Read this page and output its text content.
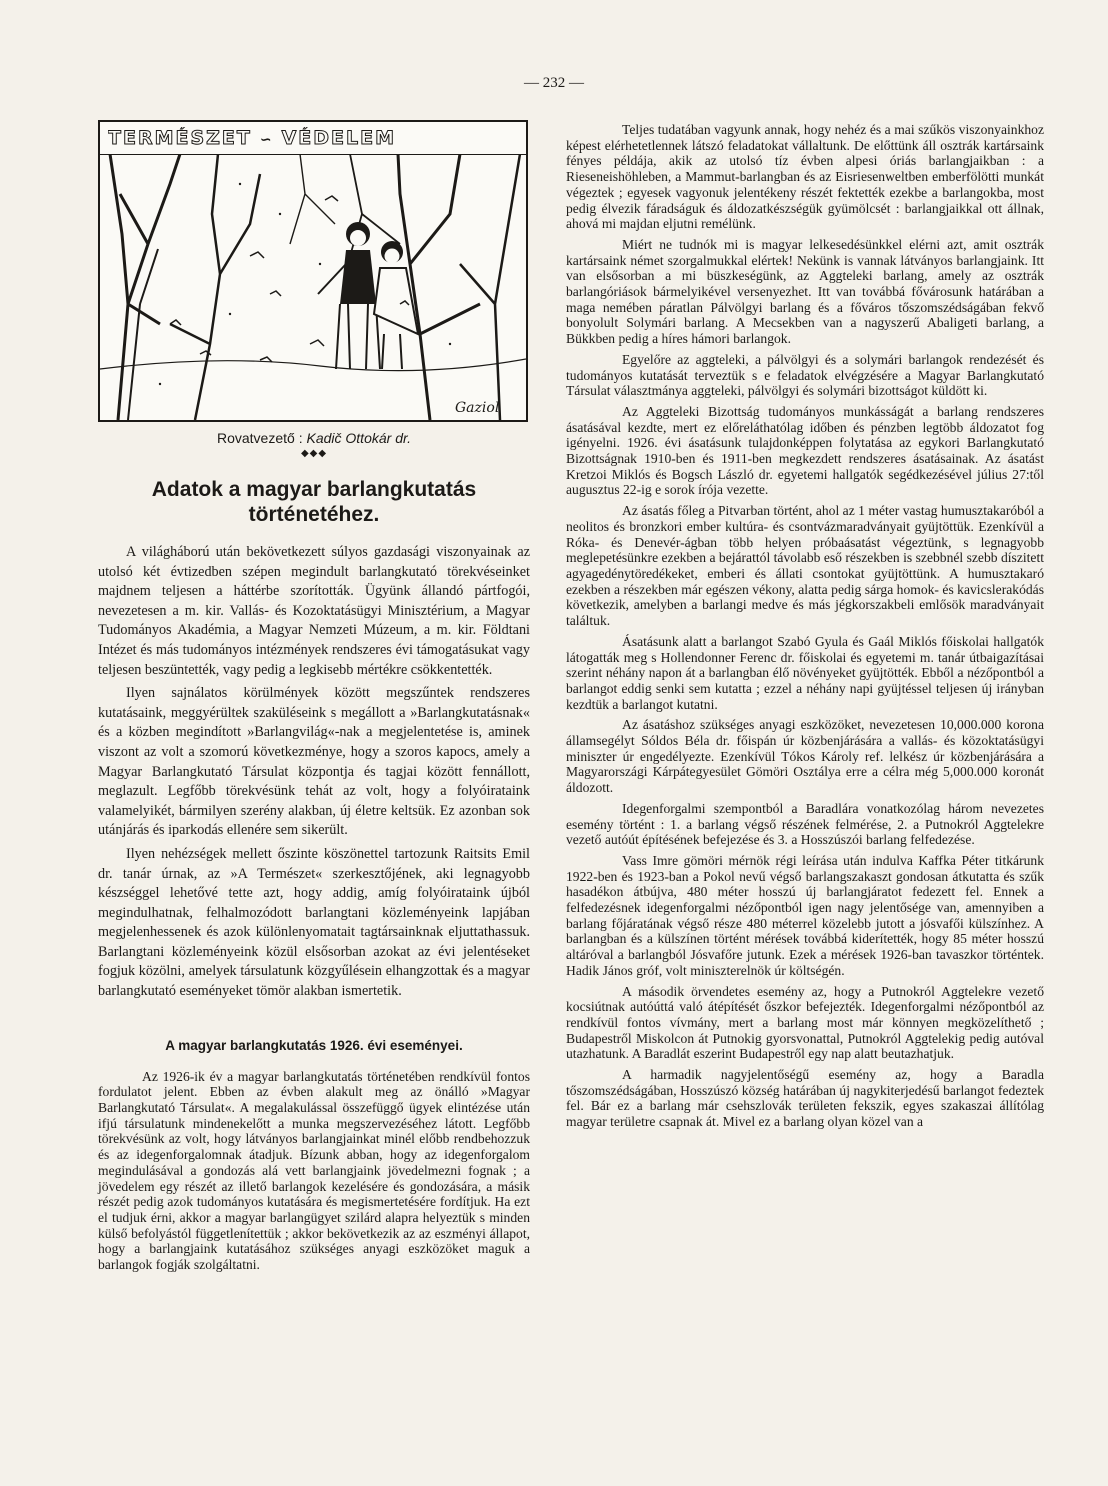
— 232 —
TERMÉSZET ∽ VÉDELEM
Gaziol
Rovatvezető : Kadič Ottokár dr.
◆◆◆
Adatok a magyar barlangkutatás történetéhez.

A világháború után bekövetkezett súlyos gazdasági viszonyainak az utolsó két évtizedben szépen megindult barlangkutató törekvéseinket majdnem teljesen a háttérbe szorították. Ügyünk állandó pártfogói, nevezetesen a m. kir. Vallás- és Kozoktatásügyi Minisztérium, a Magyar Tudományos Akadémia, a Magyar Nemzeti Múzeum, a m. kir. Földtani Intézet és más tudományos intézmények rendszeres évi támogatásukat vagy teljesen beszüntették, vagy pedig a legkisebb mértékre csökkentették.

Ilyen sajnálatos körülmények között megszűntek rendszeres kutatásaink, meggyérültek szaküléseink s megállott a »Barlangkutatásnak« és a közben megindított »Barlangvilág«-nak a megjelentetése is, aminek viszont az volt a szomorú következménye, hogy a szoros kapocs, amely a Magyar Barlangkutató Társulat központja és tagjai között fennállott, meglazult. Legfőbb törekvésünk tehát az volt, hogy a folyóirataink valamelyikét, bármilyen szerény alakban, új életre keltsük. Ez azonban sok utánjárás és iparkodás ellenére sem sikerült.

Ilyen nehézségek mellett őszinte köszönettel tartozunk Raitsits Emil dr. tanár úrnak, az »A Természet« szerkesztőjének, aki legnagyobb készséggel lehetővé tette azt, hogy addig, amíg folyóirataink újból megindulhatnak, felhalmozódott barlangtani közleményeink lapjában megjelenhessenek és azok különlenyomatait tagtársainknak eljuttathassuk. Barlangtani közleményeink közül elsősorban azokat az évi jelentéseket fogjuk közölni, amelyek társulatunk közgyűlésein elhangzottak és a magyar barlangkutató eseményeket tömör alakban ismertetik.

A magyar barlangkutatás 1926. évi eseményei.

Az 1926-ik év a magyar barlangkutatás történetében rendkívül fontos fordulatot jelent. Ebben az évben alakult meg az önálló »Magyar Barlangkutató Társulat«. A megalakulással összefüggő ügyek elintézése után ifjú társulatunk mindenekelőtt a munka megszervezéséhez látott. Legfőbb törekvésünk az volt, hogy látványos barlangjainkat minél előbb rendbehozzuk és az idegenforgalomnak átadjuk. Bízunk abban, hogy az idegenforgalom megindulásával a gondozás alá vett barlangjaink jövedelmezni fognak ; a jövedelem egy részét az illető barlangok kezelésére és gondozására, a másik részét pedig azok tudományos kutatására és megismertetésére fordítjuk. Ha ezt el tudjuk érni, akkor a magyar barlangügyet szilárd alapra helyeztük s minden külső befolyástól függetlenítettük ; akkor bekövetkezik az az eszményi állapot, hogy a barlangjaink kutatásához szükséges anyagi eszközöket maguk a barlangok fogják szolgáltatni.

Teljes tudatában vagyunk annak, hogy nehéz és a mai szűkös viszonyainkhoz képest elérhetetlennek látszó feladatokat vállaltunk. De előttünk áll osztrák kartársaink fényes példája, akik az utolsó tíz évben alpesi óriás barlangjaikban : a Rieseneishöhleben, a Mammut-barlangban és az Eisriesenweltben emberfölötti munkát végeztek ; egyesek vagyonuk jelentékeny részét fektették ezekbe a barlangokba, most pedig élvezik fáradságuk és áldozatkészségük gyümölcsét : barlangjaikkal ott állnak, ahová mi majdan eljutni remélünk.

Miért ne tudnók mi is magyar lelkesedésünkkel elérni azt, amit osztrák kartársaink német szorgalmukkal elértek! Nekünk is vannak látványos barlangjaink. Itt van elsősorban a mi büszkeségünk, az Aggteleki barlang, amely az osztrák barlangóriások bármelyikével versenyezhet. Itt van továbbá fővárosunk határában a maga nemében páratlan Pálvölgyi barlang és a főváros tőszomszédságában fekvő bonyolult Solymári barlang. A Mecsekben van a nagyszerű Abaligeti barlang, a Bükkben pedig a híres hámori barlangok.

Egyelőre az aggteleki, a pálvölgyi és a solymári barlangok rendezését és tudományos kutatását terveztük s e feladatok elvégzésére a Magyar Barlangkutató Társulat választmánya aggteleki, pálvölgyi és solymári bizottságot küldött ki.

Az Aggteleki Bizottság tudományos munkásságát a barlang rendszeres ásatásával kezdte, mert ez előreláthatólag időben és pénzben legtöbb áldozatot fog igényelni. 1926. évi ásatásunk tulajdonképpen folytatása az egykori Barlangkutató Bizottságnak 1910-ben és 1911-ben megkezdett rendszeres ásatásainak. Az ásatást Kretzoi Miklós és Bogsch László dr. egyetemi hallgatók segédkezésével július 27:től augusztus 22-ig e sorok írója vezette.

Az ásatás főleg a Pitvarban történt, ahol az 1 méter vastag humusztakaróból a neolitos és bronzkori ember kultúra- és csontvázmaradványait gyüjtöttük. Ezenkívül a Róka- és Denevér-ágban több helyen próbaásatást végeztünk, s legnagyobb meglepetésünkre ezekben a bejárattól távolabb eső részekben is szebbnél szebb díszitett agyagedénytöredékeket, emberi és állati csontokat gyüjtöttünk. A humusztakaró ezekben a részekben már egészen vékony, alatta pedig sárga homok- és kavicslerakódás következik, amelyben a barlangi medve és más jégkorszakbeli emlősök maradványait találtuk.

Ásatásunk alatt a barlangot Szabó Gyula és Gaál Miklós főiskolai hallgatók látogatták meg s Hollendonner Ferenc dr. főiskolai és egyetemi m. tanár útbaigazításai szerint néhány napon át a barlangban élő növényeket gyüjtötték. Ebből a nézőpontból a barlangot eddig senki sem kutatta ; ezzel a néhány napi gyüjtéssel teljesen új irányban kezdtük a barlangot kutatni.

Az ásatáshoz szükséges anyagi eszközöket, nevezetesen 10,000.000 korona államsegélyt Sóldos Béla dr. főispán úr közbenjárására a vallás- és közoktatásügyi miniszter úr engedélyezte. Ezenkívül Tókos Károly ref. lelkész úr közbenjárására a Magyarországi Kárpátegyesület Gömöri Osztálya erre a célra még 5,000.000 koronát áldozott.

Idegenforgalmi szempontból a Baradlára vonatkozólag három nevezetes esemény történt : 1. a barlang végső részének felmérése, 2. a Putnokról Aggtelekre vezető autóút építésének befejezése és 3. a Hosszúszói barlang felfedezése.

Vass Imre gömöri mérnök régi leírása után indulva Kaffka Péter titkárunk 1922-ben és 1923-ban a Pokol nevű végső barlangszakaszt gondosan átkutatta és szűk hasadékon átbújva, 480 méter hosszú új barlangjáratot fedezett fel. Ennek a felfedezésnek idegenforgalmi nézőpontból igen nagy jelentősége van, amennyiben a barlang főjáratának végső része 480 méterrel közelebb jutott a jósvafői külszínhez. A barlangban és a külszínen történt mérések továbbá kiderítették, hogy 85 méter hosszú altáróval a barlangból Jósvafőre jutunk. Ezek a mérések 1926-ban tavaszkor történtek. Hadik János gróf, volt miniszterelnök úr költségén.

A második örvendetes esemény az, hogy a Putnokról Aggtelekre vezető kocsiútnak autóúttá való átépítését őszkor befejezték. Idegenforgalmi nézőpontból az rendkívül fontos vívmány, mert a barlang most már könnyen megközelíthető ; Budapestről Miskolcon át Putnokig gyorsvonattal, Putnokról Aggtelekig pedig autóval utazhatunk. A Baradlát eszerint Budapestről egy nap alatt beutazhatjuk.

A harmadik nagyjelentőségű esemény az, hogy a Baradla tőszomszédságában, Hosszúszó község határában új nagykiterjedésű barlangot fedeztek fel. Bár ez a barlang már csehszlovák területen fekszik, egyes szakaszai állítólag magyar területre csapnak át. Mivel ez a barlang olyan közel van a
